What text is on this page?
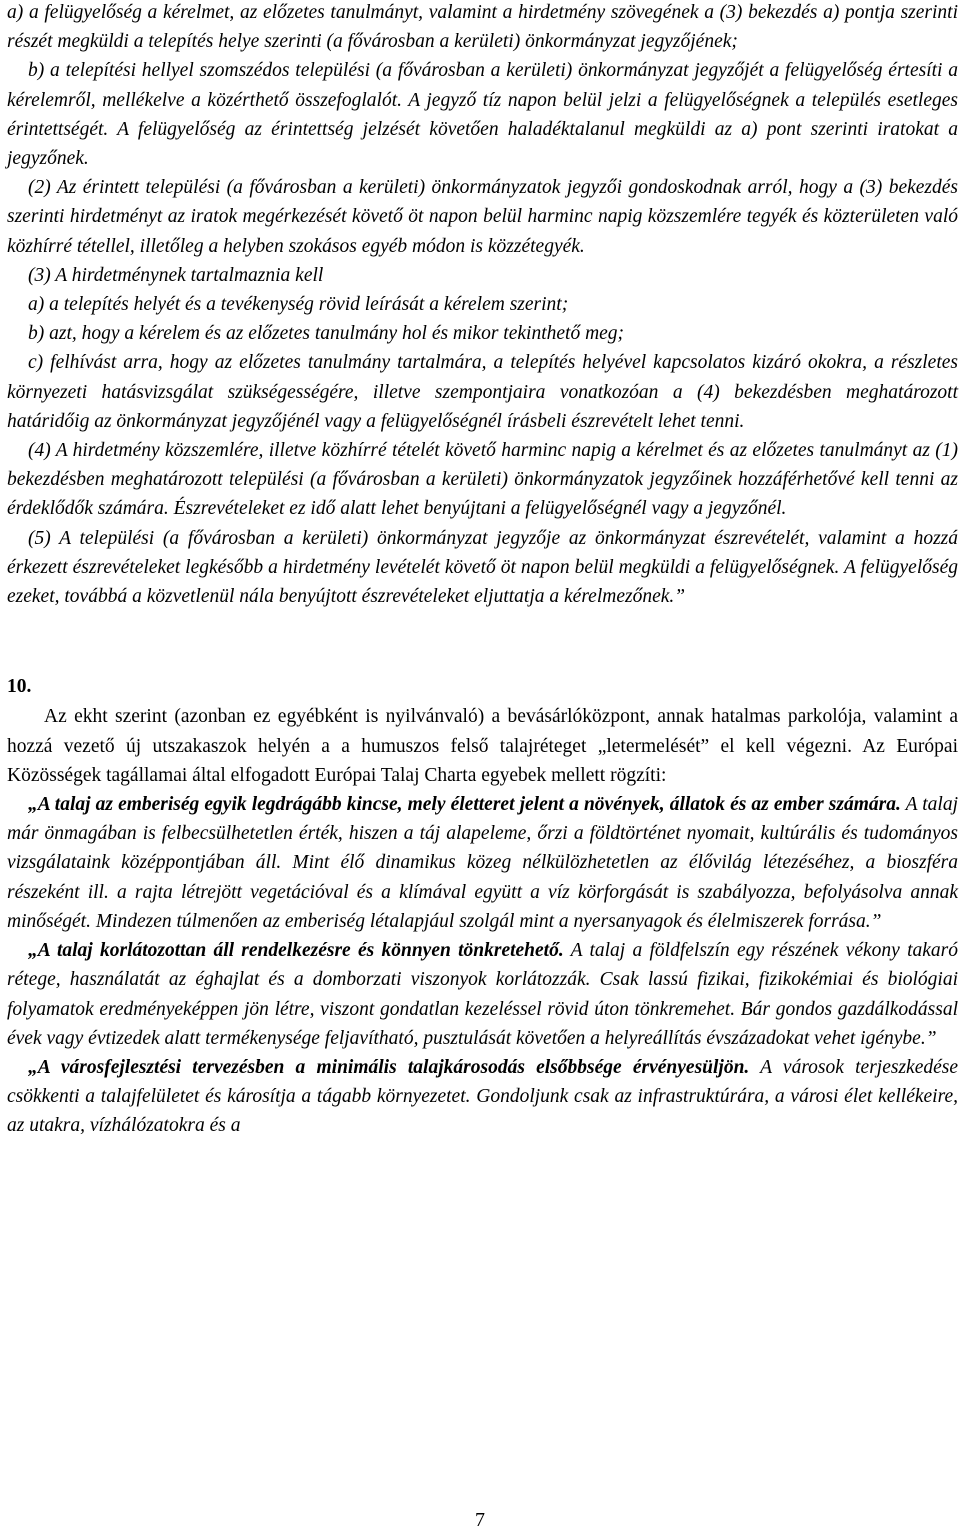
a) a felügyelőség a kérelmet, az előzetes tanulmányt, valamint a hirdetmény szövegének a (3) bekezdés a) pontja szerinti részét megküldi a telepítés helye szerinti (a fővárosban a kerületi) önkormányzat jegyzőjének;

b) a telepítési hellyel szomszédos települési (a fővárosban a kerületi) önkormányzat jegyzőjét a felügyelőség értesíti a kérelemről, mellékelve a közérthető összefoglalót. A jegyző tíz napon belül jelzi a felügyelőségnek a település esetleges érintettségét. A felügyelőség az érintettség jelzését követően haladéktalanul megküldi az a) pont szerinti iratokat a jegyzőnek.

(2) Az érintett települési (a fővárosban a kerületi) önkormányzatok jegyzői gondoskodnak arról, hogy a (3) bekezdés szerinti hirdetményt az iratok megérkezését követő öt napon belül harminc napig közszemlére tegyék és közterületen való közhírré tétellel, illetőleg a helyben szokásos egyéb módon is közzétegyék.

(3) A hirdetménynek tartalmaznia kell

a) a telepítés helyét és a tevékenység rövid leírását a kérelem szerint;

b) azt, hogy a kérelem és az előzetes tanulmány hol és mikor tekinthető meg;

c) felhívást arra, hogy az előzetes tanulmány tartalmára, a telepítés helyével kapcsolatos kizáró okokra, a részletes környezeti hatásvizsgálat szükségességére, illetve szempontjaira vonatkozóan a (4) bekezdésben meghatározott határidőig az önkormányzat jegyzőjénél vagy a felügyelőségnél írásbeli észrevételt lehet tenni.

(4) A hirdetmény közszemlére, illetve közhírré tételét követő harminc napig a kérelmet és az előzetes tanulmányt az (1) bekezdésben meghatározott települési (a fővárosban a kerületi) önkormányzatok jegyzőinek hozzáférhetővé kell tenni az érdeklődők számára. Észrevételeket ez idő alatt lehet benyújtani a felügyelőségnél vagy a jegyzőnél.

(5) A települési (a fővárosban a kerületi) önkormányzat jegyzője az önkormányzat észrevételét, valamint a hozzá érkezett észrevételeket legkésőbb a hirdetmény levételét követő öt napon belül megküldi a felügyelőségnek. A felügyelőség ezeket, továbbá a közvetlenül nála benyújtott észrevételeket eljuttatja a kérelmezőnek.”

10.

Az ekht szerint (azonban ez egyébként is nyilvánvaló) a bevásárlóközpont, annak hatalmas parkolója, valamint a hozzá vezető új utszakaszok helyén a a humuszos felső talajréteget „letermelését” el kell végezni. Az Európai Közösségek tagállamai által elfogadott Európai Talaj Charta egyebek mellett rögzíti:

„A talaj az emberiség egyik legdrágább kincse, mely életteret jelent a növények, állatok és az ember számára. A talaj már önmagában is felbecsülhetetlen érték, hiszen a táj alapeleme, őrzi a földtörténet nyomait, kultúrális és tudományos vizsgálataink középpontjában áll. Mint élő dinamikus közeg nélkülözhetetlen az élővilág létezéséhez, a bioszféra részeként ill. a rajta létrejött vegetációval és a klímával együtt a víz körforgását is szabályozza, befolyásolva annak minőségét. Mindezen túlmenően az emberiség létalapjául szolgál mint a nyersanyagok és élelmiszerek forrása.”

„A talaj korlátozottan áll rendelkezésre és könnyen tönkretehető. A talaj a földfelszín egy részének vékony takaró rétege, használatát az éghajlat és a domborzati viszonyok korlátozzák. Csak lassú fizikai, fizikokémiai és biológiai folyamatok eredményeképpen jön létre, viszont gondatlan kezeléssel rövid úton tönkremehet. Bár gondos gazdálkodással évek vagy évtizedek alatt termékenysége feljavítható, pusztulását követően a helyreállítás évszázadokat vehet igénybe.”

„A városfejlesztési tervezésben a minimális talajkárosodás elsőbbsége érvényesüljön. A városok terjeszkedése csökkenti a talajfelületet és károsítja a tágabb környezetet. Gondoljunk csak az infrastruktúrára, a városi élet kellékeire, az utakra, vízhálózatokra és a

7
